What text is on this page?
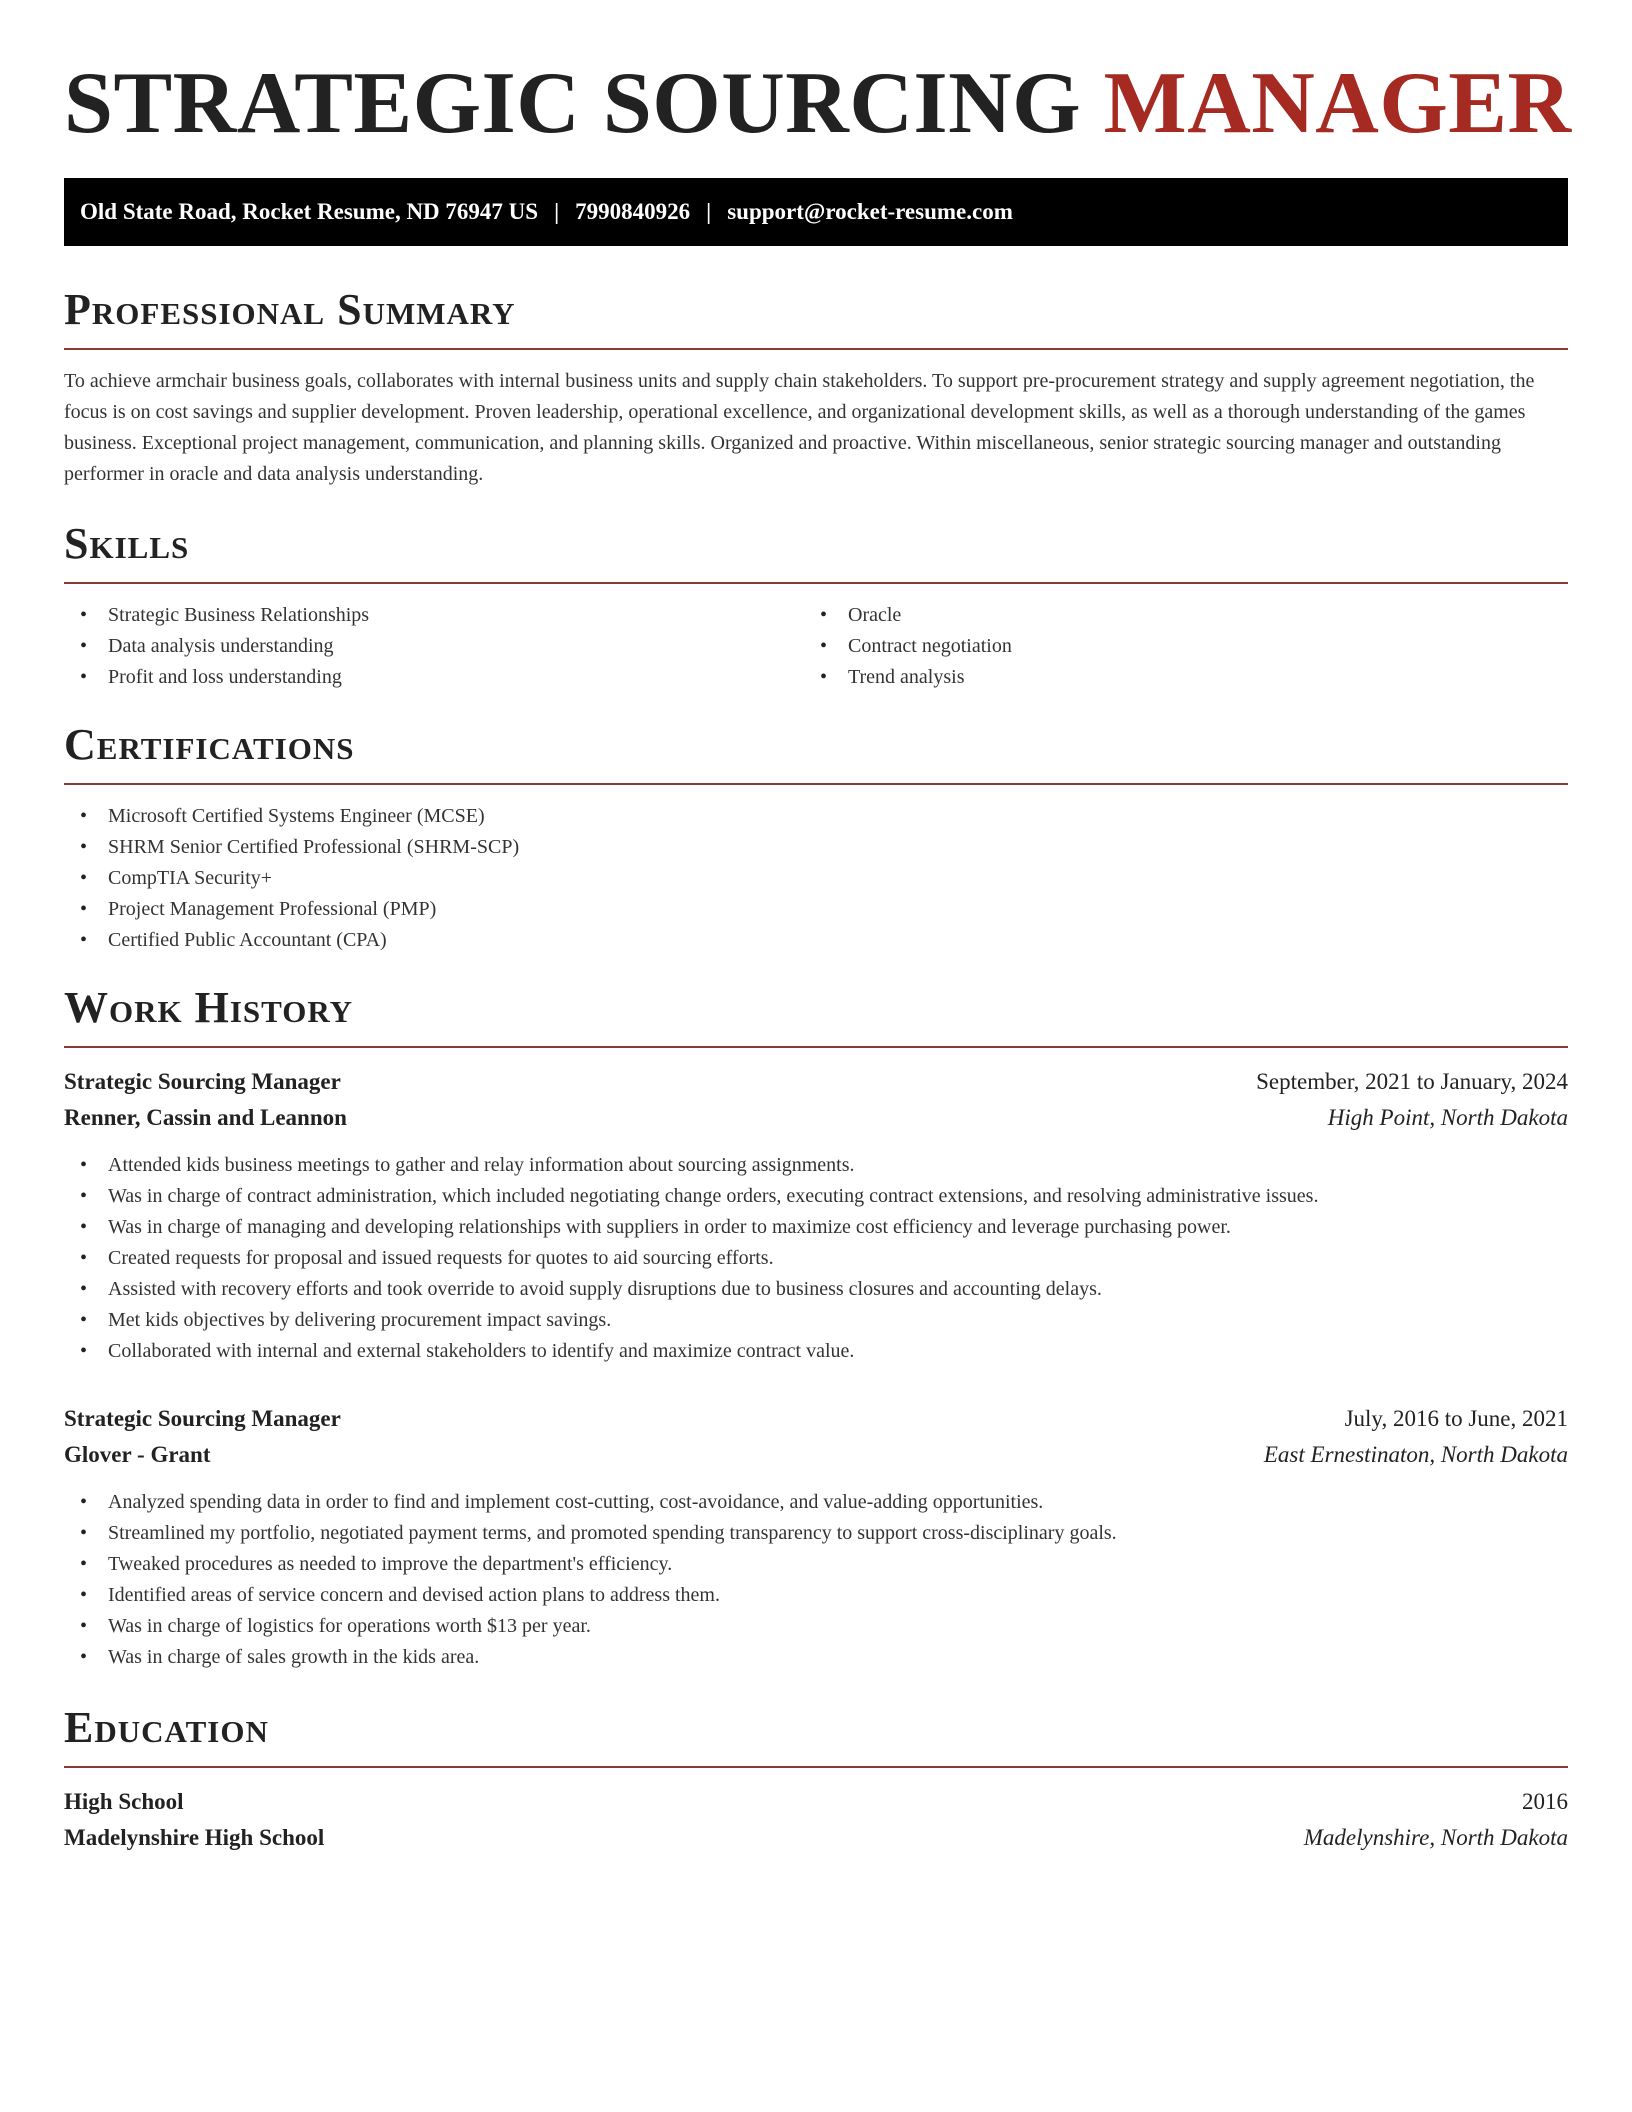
STRATEGIC SOURCING MANAGER
Old State Road, Rocket Resume, ND 76947 US | 7990840926 | support@rocket-resume.com
Professional Summary
To achieve armchair business goals, collaborates with internal business units and supply chain stakeholders. To support pre-procurement strategy and supply agreement negotiation, the focus is on cost savings and supplier development. Proven leadership, operational excellence, and organizational development skills, as well as a thorough understanding of the games business. Exceptional project management, communication, and planning skills. Organized and proactive. Within miscellaneous, senior strategic sourcing manager and outstanding performer in oracle and data analysis understanding.
Skills
• Strategic Business Relationships
• Data analysis understanding
• Profit and loss understanding
• Oracle
• Contract negotiation
• Trend analysis
Certifications
• Microsoft Certified Systems Engineer (MCSE)
• SHRM Senior Certified Professional (SHRM-SCP)
• CompTIA Security+
• Project Management Professional (PMP)
• Certified Public Accountant (CPA)
Work History
Strategic Sourcing Manager	September, 2021 to January, 2024
Renner, Cassin and Leannon	High Point, North Dakota
• Attended kids business meetings to gather and relay information about sourcing assignments.
• Was in charge of contract administration, which included negotiating change orders, executing contract extensions, and resolving administrative issues.
• Was in charge of managing and developing relationships with suppliers in order to maximize cost efficiency and leverage purchasing power.
• Created requests for proposal and issued requests for quotes to aid sourcing efforts.
• Assisted with recovery efforts and took override to avoid supply disruptions due to business closures and accounting delays.
• Met kids objectives by delivering procurement impact savings.
• Collaborated with internal and external stakeholders to identify and maximize contract value.
Strategic Sourcing Manager	July, 2016 to June, 2021
Glover - Grant	East Ernestinaton, North Dakota
• Analyzed spending data in order to find and implement cost-cutting, cost-avoidance, and value-adding opportunities.
• Streamlined my portfolio, negotiated payment terms, and promoted spending transparency to support cross-disciplinary goals.
• Tweaked procedures as needed to improve the department's efficiency.
• Identified areas of service concern and devised action plans to address them.
• Was in charge of logistics for operations worth $13 per year.
• Was in charge of sales growth in the kids area.
Education
High School	2016
Madelynshire High School	Madelynshire, North Dakota
